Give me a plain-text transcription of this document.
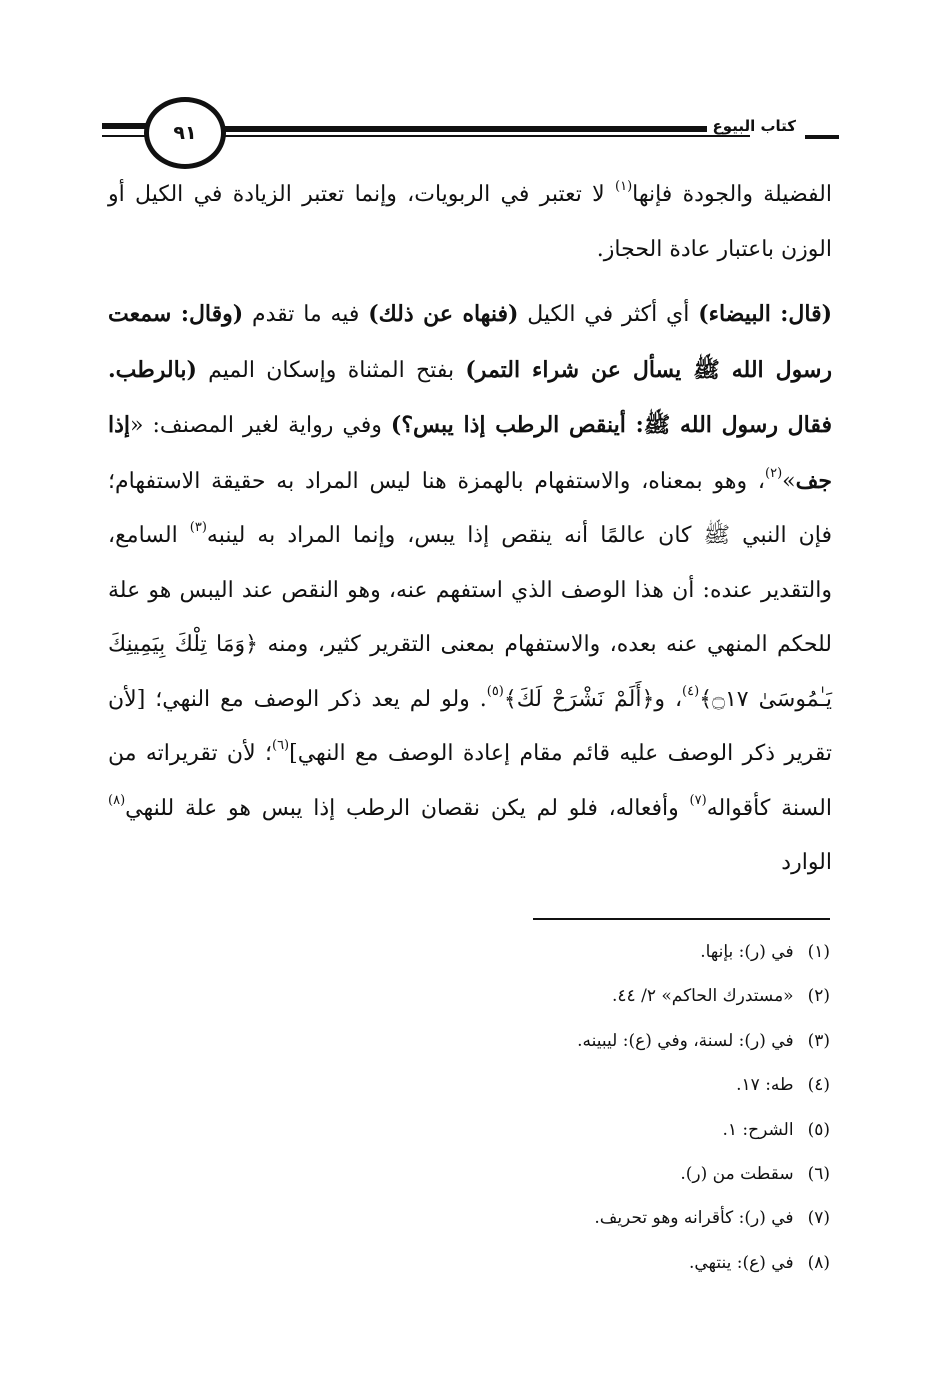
٩١	كتاب البيوع

الفضيلة والجودة فإنها$^{(١)}$ لا تعتبر في الربويات، وإنما تعتبر الزيادة في الكيل أو الوزن باعتبار عادة الحجاز.

(قال: البيضاء) أي أكثر في الكيل (فنهاه عن ذلك) فيه ما تقدم (وقال: سمعت رسول الله ﷺ يسأل عن شراء التمر) بفتح المثناة وإسكان الميم (بالرطب. فقال رسول الله ﷺ: أينقص الرطب إذا يبس؟) وفي رواية لغير المصنف: «إذا جف»$^{(٢)}$، وهو بمعناه، والاستفهام بالهمزة هنا ليس المراد به حقيقة الاستفهام؛ فإن النبي ﷺ كان عالمًا أنه ينقص إذا يبس، وإنما المراد به لينبه$^{(٣)}$ السامع، والتقدير عنده: أن هذا الوصف الذي استفهم عنه، وهو النقص عند اليبس هو علة للحكم المنهي عنه بعده، والاستفهام بمعنى التقرير كثير، ومنه ﴿وَمَا تِلْكَ بِيَمِينِكَ يَـٰمُوسَىٰ ۝١٧﴾$^{(٤)}$، و﴿أَلَمْ نَشْرَحْ لَكَ﴾$^{(٥)}$. ولو لم يعد ذكر الوصف مع النهي؛ [لأن تقرير ذكر الوصف عليه قائم مقام إعادة الوصف مع النهي]$^{(٦)}$؛ لأن تقريراته من السنة كأقواله$^{(٧)}$ وأفعاله، فلو لم يكن نقصان الرطب إذا يبس هو علة للنهي$^{(٨)}$ الوارد

(١)في (ر): بإنها.
(٢)«مستدرك الحاكم» ٢/ ٤٤.
(٣)في (ر): لسنة، وفي (ع): ليبينه.
(٤)طه: ١٧.
(٥)الشرح: ١.
(٦)سقطت من (ر).
(٧)في (ر): كأقرانه وهو تحريف.
(٨)في (ع): ينتهي.
